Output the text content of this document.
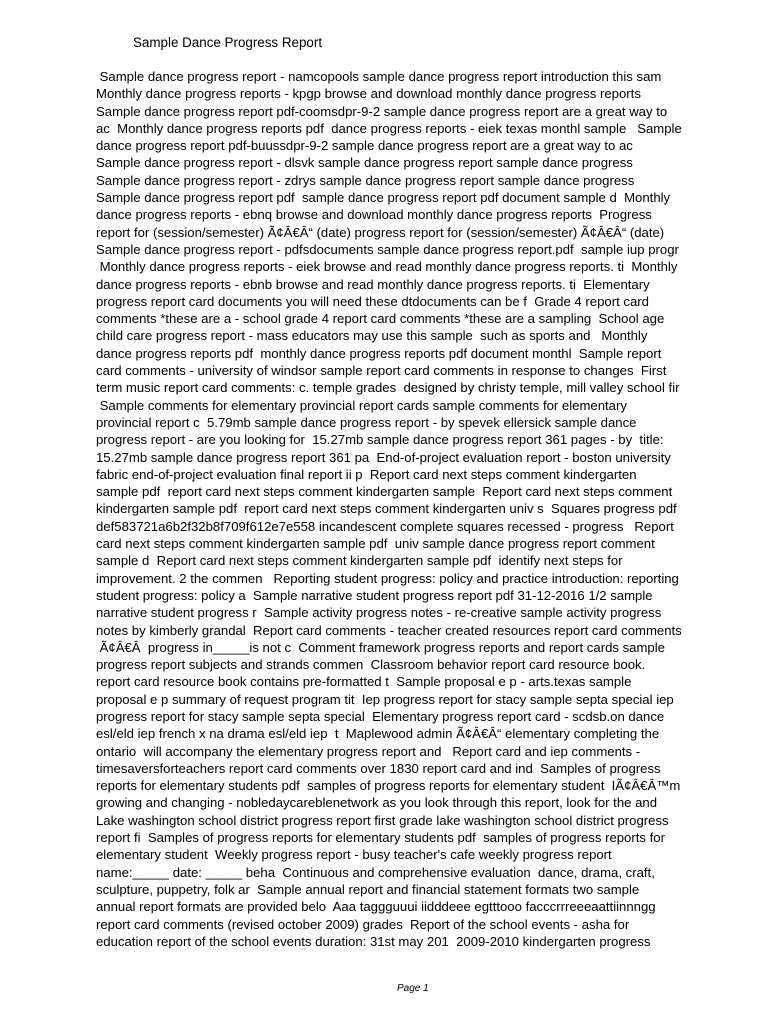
Sample Dance Progress Report
Sample dance progress report - namcopools sample dance progress report introduction this sam
Monthly dance progress reports - kpgp browse and download monthly dance progress reports
Sample dance progress report pdf-coomsdpr-9-2 sample dance progress report are a great way to
ac  Monthly dance progress reports pdf  dance progress reports - eiek texas monthl sample   Sample
dance progress report pdf-buussdpr-9-2 sample dance progress report are a great way to ac
Sample dance progress report - dlsvk sample dance progress report sample dance progress
Sample dance progress report - zdrys sample dance progress report sample dance progress
Sample dance progress report pdf  sample dance progress report pdf document sample d  Monthly
dance progress reports - ebnq browse and download monthly dance progress reports  Progress
report for (session/semester) Ã¢Â€Â“ (date) progress report for (session/semester) Ã¢Â€Â“ (date)
Sample dance progress report - pdfsdocuments sample dance progress report.pdf  sample iup progr
Monthly dance progress reports - eiek browse and read monthly dance progress reports. ti  Monthly
dance progress reports - ebnb browse and read monthly dance progress reports. ti  Elementary
progress report card documents you will need these dtdocuments can be f  Grade 4 report card
comments *these are a - school grade 4 report card comments *these are a sampling  School age
child care progress report - mass educators may use this sample  such as sports and   Monthly
dance progress reports pdf  monthly dance progress reports pdf document monthl  Sample report
card comments - university of windsor sample report card comments in response to changes  First
term music report card comments: c. temple grades  designed by christy temple, mill valley school fir
Sample comments for elementary provincial report cards sample comments for elementary
provincial report c  5.79mb sample dance progress report - by spevek ellersick sample dance
progress report - are you looking for  15.27mb sample dance progress report 361 pages - by  title:
15.27mb sample dance progress report 361 pa  End-of-project evaluation report - boston university
fabric end-of-project evaluation final report ii p  Report card next steps comment kindergarten
sample pdf  report card next steps comment kindergarten sample  Report card next steps comment
kindergarten sample pdf  report card next steps comment kindergarten univ s  Squares progress pdf
def583721a6b2f32b8f709f612e7e558 incandescent complete squares recessed - progress   Report
card next steps comment kindergarten sample pdf  univ sample dance progress report comment
sample d  Report card next steps comment kindergarten sample pdf  identify next steps for
improvement. 2 the commen   Reporting student progress: policy and practice introduction: reporting
student progress: policy a  Sample narrative student progress report pdf 31-12-2016 1/2 sample
narrative student progress r  Sample activity progress notes - re-creative sample activity progress
notes by kimberly grandal  Report card comments - teacher created resources report card comments
Ã¢Â€Â  progress in_____is not c  Comment framework progress reports and report cards sample
progress report subjects and strands commen  Classroom behavior report card resource book.
report card resource book contains pre-formatted t  Sample proposal e p - arts.texas sample
proposal e p summary of request program tit  Iep progress report for stacy sample septa special iep
progress report for stacy sample septa special  Elementary progress report card - scdsb.on dance
esl/eld iep french x na drama esl/eld iep  t  Maplewood admin Ã¢Â€Â“ elementary completing the
ontario  will accompany the elementary progress report and   Report card and iep comments -
timesaversforteachers report card comments over 1830 report card and ind  Samples of progress
reports for elementary students pdf  samples of progress reports for elementary student  IÃ¢Â€Â™m
growing and changing - nobledaycareblenetwork as you look through this report, look for the and
Lake washington school district progress report first grade lake washington school district progress
report fi  Samples of progress reports for elementary students pdf  samples of progress reports for
elementary student  Weekly progress report - busy teacher's cafe weekly progress report
name:_____ date: _____ beha  Continuous and comprehensive evaluation  dance, drama, craft,
sculpture, puppetry, folk ar  Sample annual report and financial statement formats two sample
annual report formats are provided belo  Aaa taggguuui iidddeee egtttooo facccrrreeeaattiinnngg
report card comments (revised october 2009) grades  Report of the school events - asha for
education report of the school events duration: 31st may 201  2009-2010 kindergarten progress
Page 1
